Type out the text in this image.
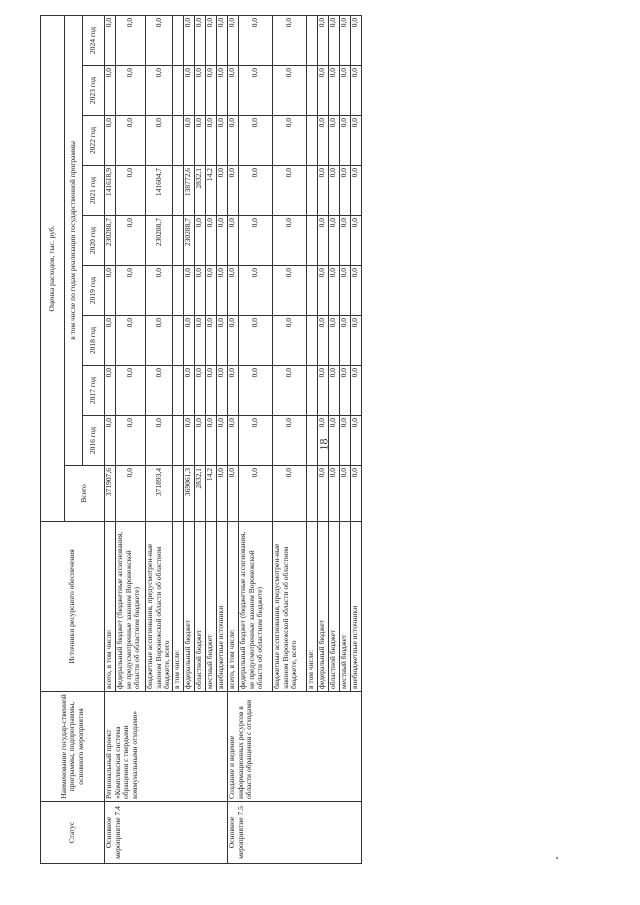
18
Статус	Наименование государ-ственной программы, подпрограммы, основного мероприятия	Источники ресурсного обеспечения	Оценка расходов, тыс. руб.									
			Всего	в том числе по годам реализации государственной программы								
				2016 год	2017 год	2018 год	2019 год	2020 год	2021 год	2022 год	2023 год	2024 год
Основное мероприятие 7.4	Региональный проект «Комплексная система обращения с твердыми коммунальными отходами»	всего, в том числе:	371907,6	0,0	0,0	0,0	0,0	230288,7	141618,9	0,0	0,0	0,0
		федеральный бюджет (бюджетные ассигнования, не предусмотренные законом Воронежской области об областном бюджете)	0,0	0,0	0,0	0,0	0,0	0,0	0,0	0,0	0,0	0,0
		бюджетные ассигнования, предусмотрен-ные законом Воронежской области об областном бюджете, всего	371893,4	0,0	0,0	0,0	0,0	230288,7	141604,7	0,0	0,0	0,0
		в том числе:										
		федеральный бюджет	369061,3	0,0	0,0	0,0	0,0	230288,7	138772,6	0,0	0,0	0,0
		областной бюджет	2832,1	0,0	0,0	0,0	0,0	0,0	2832,1	0,0	0,0	0,0
		местный бюджет	14,2	0,0	0,0	0,0	0,0	0,0	14,2	0,0	0,0	0,0
		внебюджетные источники	0,0	0,0	0,0	0,0	0,0	0,0	0,0	0,0	0,0	0,0
Основное мероприятие 7.5	Создание и ведение информационных ресурсов в области обращения с отходами	всего, в том числе:	0,0	0,0	0,0	0,0	0,0	0,0	0,0	0,0	0,0	0,0
		федеральный бюджет (бюджетные ассигнования, не предусмотренные законом Воронежской области об областном бюджете)	0,0	0,0	0,0	0,0	0,0	0,0	0,0	0,0	0,0	0,0
		бюджетные ассигнования, предусмотрен-ные законом Воронежской области об областном бюджете, всего	0,0	0,0	0,0	0,0	0,0	0,0	0,0	0,0	0,0	0,0
		в том числе:										
		федеральный бюджет	0,0	0,0	0,0	0,0	0,0	0,0	0,0	0,0	0,0	0,0
		областной бюджет	0,0	0,0	0,0	0,0	0,0	0,0	0,0	0,0	0,0	0,0
		местный бюджет	0,0	0,0	0,0	0,0	0,0	0,0	0,0	0,0	0,0	0,0
		внебюджетные источники	0,0	0,0	0,0	0,0	0,0	0,0	0,0	0,0	0,0	0,0
